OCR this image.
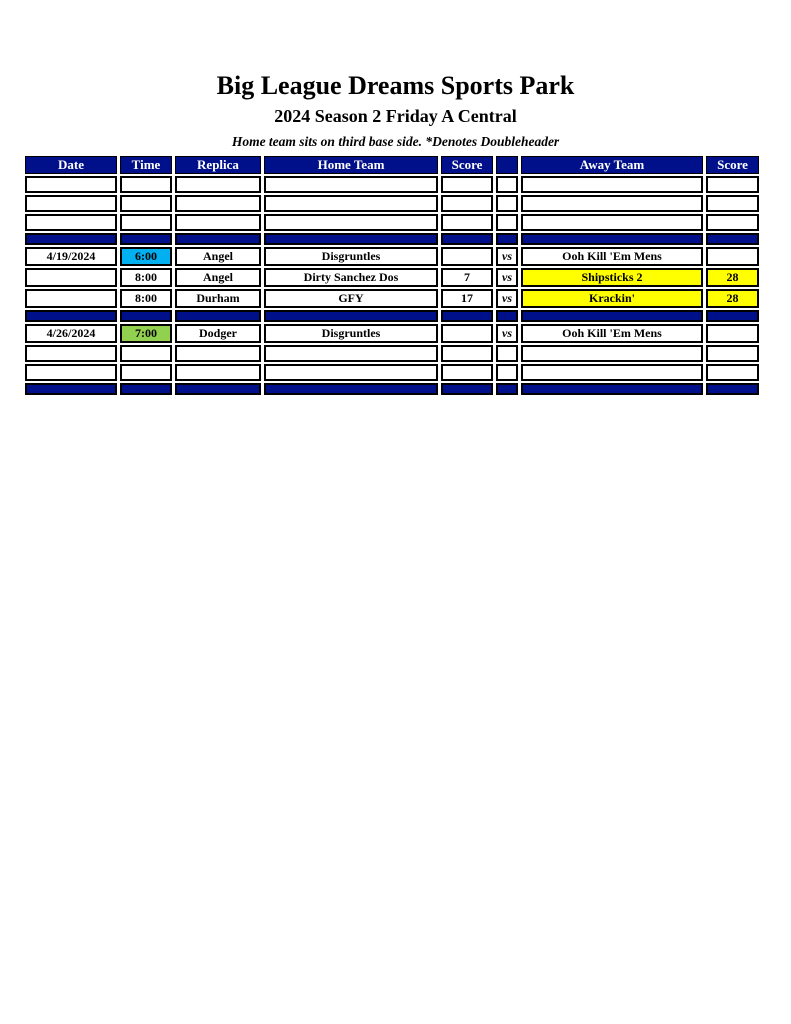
Big League Dreams Sports Park
2024 Season 2 Friday A Central
Home team sits on third base side. *Denotes Doubleheader
Date	Time	Replica	Home Team	Score		Away Team	Score

4/19/2024	6:00	Angel	Disgruntles		vs	Ooh Kill 'Em Mens	
	8:00	Angel	Dirty Sanchez Dos	7	vs	Shipsticks 2	28
	8:00	Durham	GFY	17	vs	Krackin'	28

4/26/2024	7:00	Dodger	Disgruntles		vs	Ooh Kill 'Em Mens	
